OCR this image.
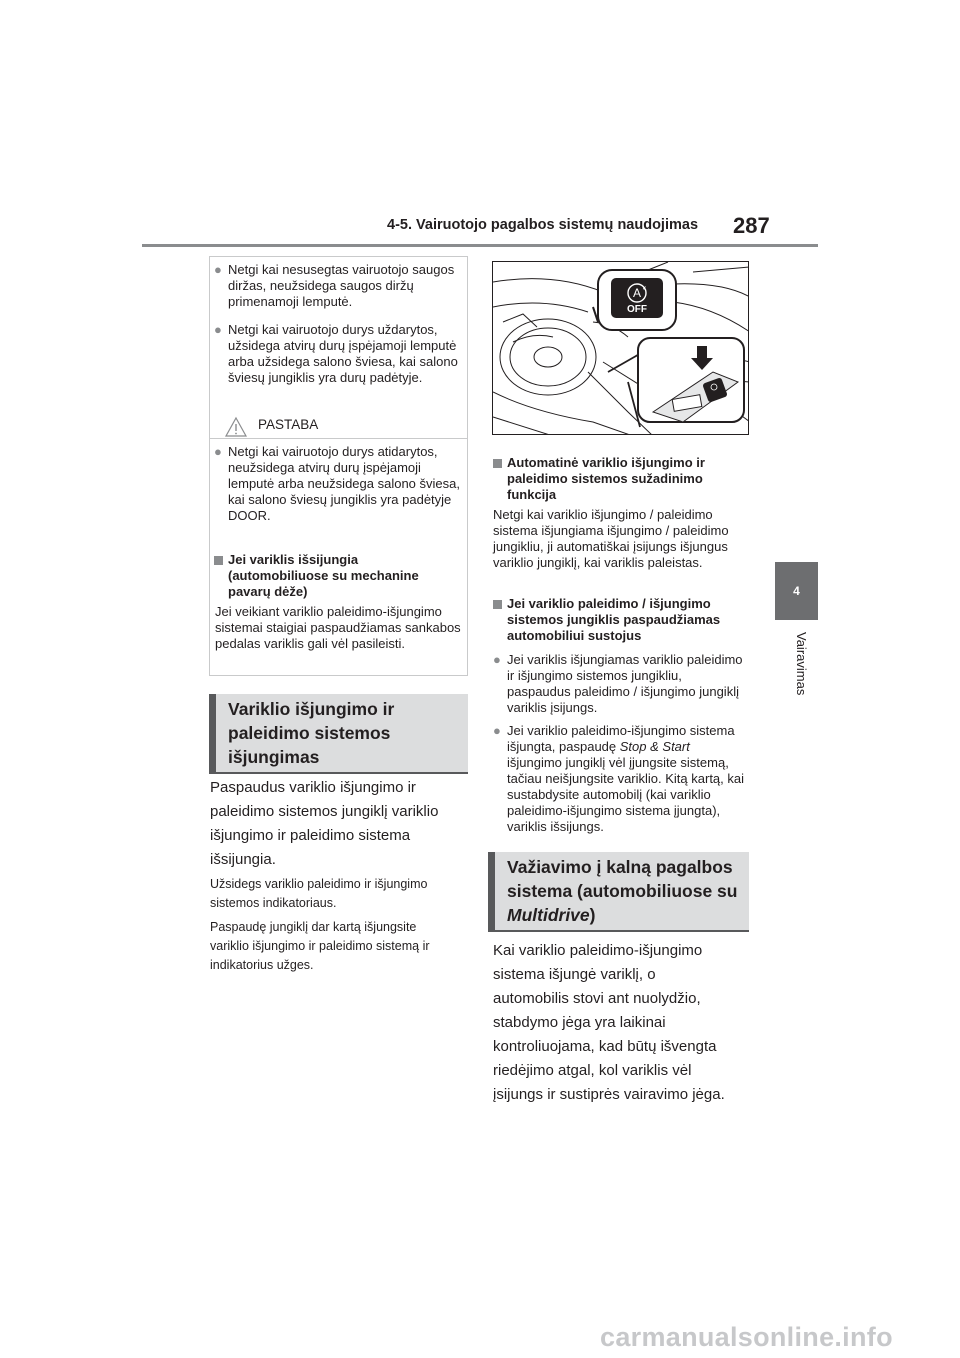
4-5. Vairuotojo pagalbos sistemų naudojimas 287
4
Vairavimas
● Netgi kai nesusegtas vairuotojo saugos diržas, neužsidega saugos diržų primenamoji lemputė.
● Netgi kai vairuotojo durys uždarytos, užsidega atvirų durų įspėjamoji lemputė arba užsidega salono šviesa, kai salono šviesų jungiklis yra durų padėtyje.
PASTABA
● Netgi kai vairuotojo durys atidarytos, neužsidega atvirų durų įspėjamoji lemputė arba neužsidega salono šviesa, kai salono šviesų jungiklis yra padėtyje DOOR.
Jei variklis išsijungia (automobiliuose su mechanine pavarų dėže)
Jei veikiant variklio paleidimo-išjungimo sistemai staigiai paspaudžiamas sankabos pedalas variklis gali vėl pasileisti.
Variklio išjungimo ir
paleidimo sistemos
išjungimas
Paspaudus variklio išjungimo ir
paleidimo sistemos jungiklį variklio
išjungimo ir paleidimo sistema
išsijungia.
Užsidegs variklio paleidimo ir išjungimo
sistemos indikatoriaus.
Paspaudę jungiklį dar kartą išjungsite
variklio išjungimo ir paleidimo sistemą ir
indikatorius užges.
A
OFF
Automatinė variklio išjungimo ir paleidimo sistemos sužadinimo funkcija
Netgi kai variklio išjungimo / paleidimo sistema išjungiama išjungimo / paleidimo jungikliu, ji automatiškai įsijungs išjungus variklio jungiklį, kai variklis paleistas.
Jei variklio paleidimo / išjungimo sistemos jungiklis paspaudžiamas automobiliui sustojus
● Jei variklis išjungiamas variklio paleidimo ir išjungimo sistemos jungikliu, paspaudus paleidimo / išjungimo jungiklį variklis įsijungs.
● Jei variklio paleidimo-išjungimo sistema išjungta, paspaudę Stop & Start išjungimo jungiklį vėl įjungsite sistemą, tačiau neišjungsite variklio. Kitą kartą, kai sustabdysite automobilį (kai variklio paleidimo-išjungimo sistema įjungta), variklis išsijungs.
Važiavimo į kalną pagalbos
sistema (automobiliuose su
Multidrive)
Kai variklio paleidimo-išjungimo
sistema išjungė variklį, o
automobilis stovi ant nuolydžio,
stabdymo jėga yra laikinai
kontroliuojama, kad būtų išvengta
riedėjimo atgal, kol variklis vėl
įsijungs ir sustiprės vairavimo jėga.
carmanualsonline.info
